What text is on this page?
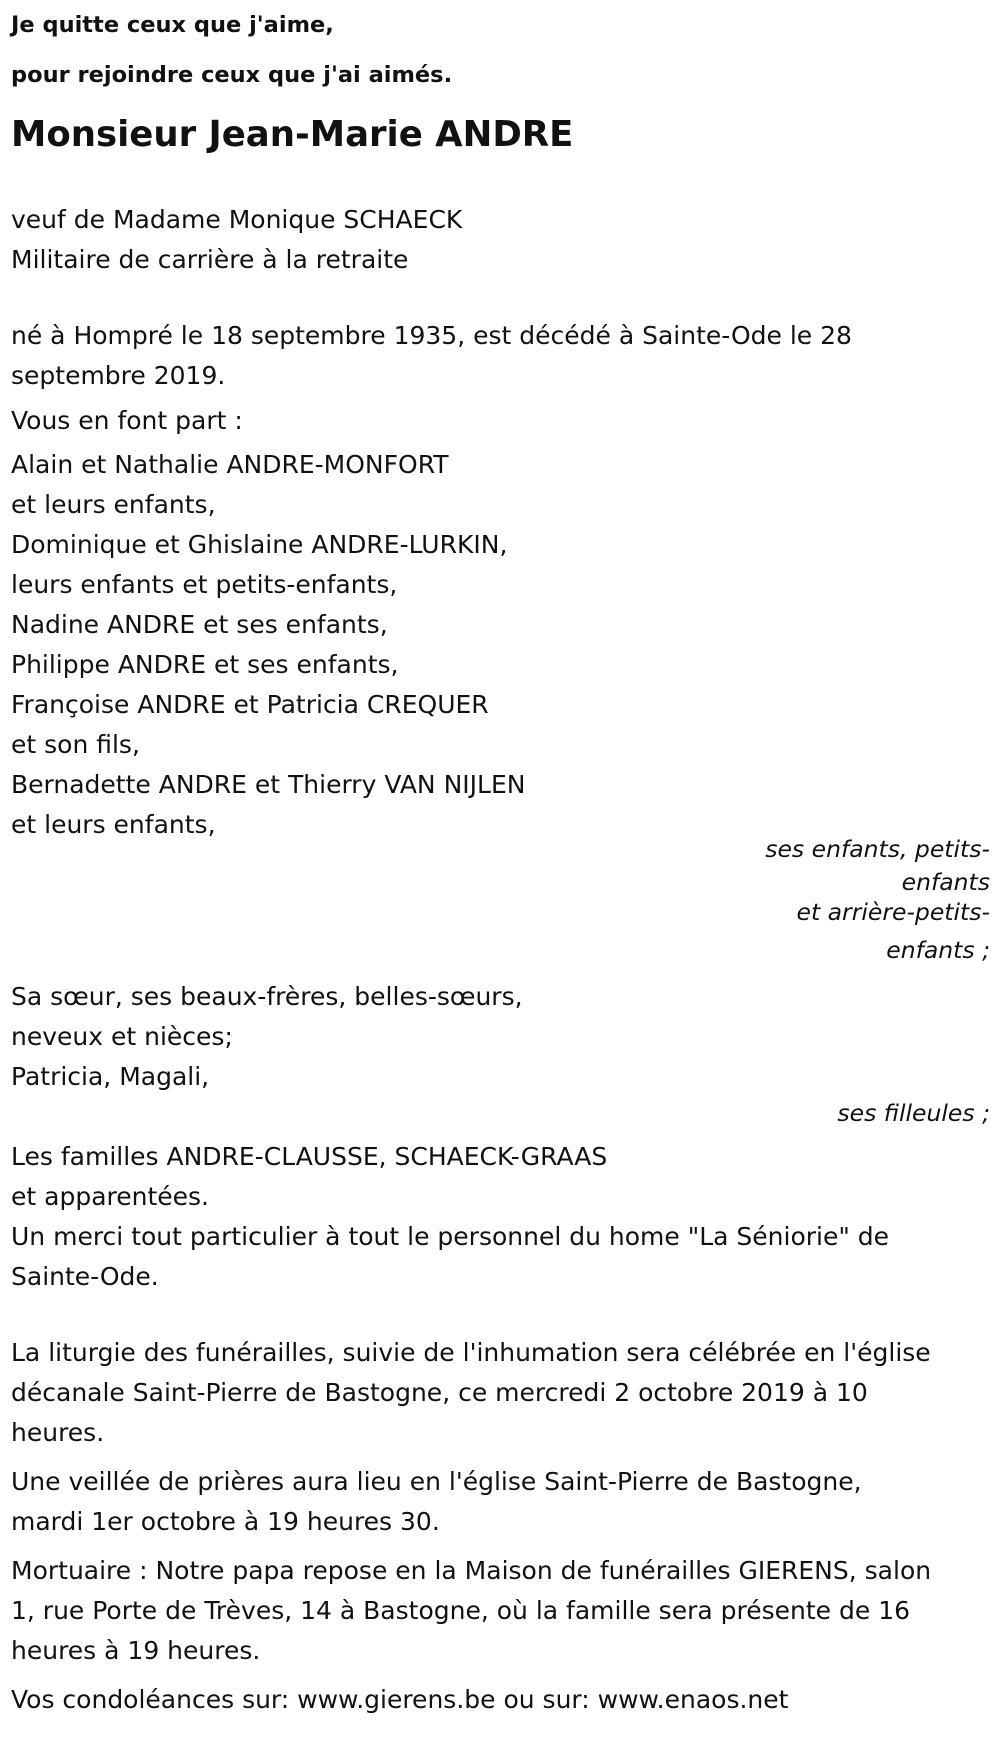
Je quitte ceux que j'aime,
pour rejoindre ceux que j'ai aimés.
Monsieur Jean-Marie ANDRE
veuf de Madame Monique SCHAECK
Militaire de carrière à la retraite
né à Hompré le 18 septembre 1935, est décédé à Sainte-Ode le 28
septembre 2019.
Vous en font part :
Alain et Nathalie ANDRE-MONFORT
et leurs enfants,
Dominique et Ghislaine ANDRE-LURKIN,
leurs enfants et petits-enfants,
Nadine ANDRE et ses enfants,
Philippe ANDRE et ses enfants,
Françoise ANDRE et Patricia CREQUER
et son fils,
Bernadette ANDRE et Thierry VAN NIJLEN
et leurs enfants,
ses enfants, petits-
enfants
et arrière-petits-
enfants ;
Sa sœur, ses beaux-frères, belles-sœurs,
neveux et nièces;
Patricia, Magali,
ses filleules ;
Les familles ANDRE-CLAUSSE, SCHAECK-GRAAS
et apparentées.
Un merci tout particulier à tout le personnel du home "La Séniorie" de
Sainte-Ode.
La liturgie des funérailles, suivie de l'inhumation sera célébrée en l'église
décanale Saint-Pierre de Bastogne, ce mercredi 2 octobre 2019 à 10
heures.
Une veillée de prières aura lieu en l'église Saint-Pierre de Bastogne,
mardi 1er octobre à 19 heures 30.
Mortuaire : Notre papa repose en la Maison de funérailles GIERENS, salon
1, rue Porte de Trèves, 14 à Bastogne, où la famille sera présente de 16
heures à 19 heures.
Vos condoléances sur: www.gierens.be ou sur: www.enaos.net
